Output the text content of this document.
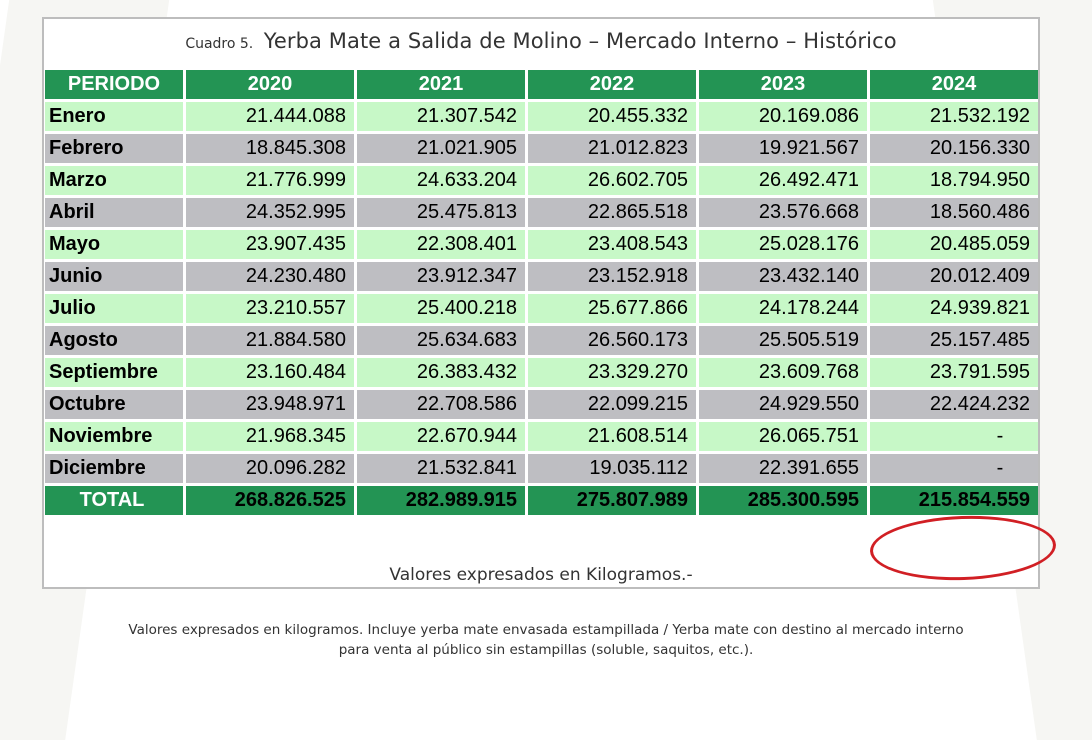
Cuadro 5. Yerba Mate a Salida de Molino – Mercado Interno – Histórico
Valores expresados en Kilogramos.-
PERIODO	2020	2021	2022	2023	2024
Enero	21.444.088	21.307.542	20.455.332	20.169.086	21.532.192
Febrero	18.845.308	21.021.905	21.012.823	19.921.567	20.156.330
Marzo	21.776.999	24.633.204	26.602.705	26.492.471	18.794.950
Abril	24.352.995	25.475.813	22.865.518	23.576.668	18.560.486
Mayo	23.907.435	22.308.401	23.408.543	25.028.176	20.485.059
Junio	24.230.480	23.912.347	23.152.918	23.432.140	20.012.409
Julio	23.210.557	25.400.218	25.677.866	24.178.244	24.939.821
Agosto	21.884.580	25.634.683	26.560.173	25.505.519	25.157.485
Septiembre	23.160.484	26.383.432	23.329.270	23.609.768	23.791.595
Octubre	23.948.971	22.708.586	22.099.215	24.929.550	22.424.232
Noviembre	21.968.345	22.670.944	21.608.514	26.065.751	-
Diciembre	20.096.282	21.532.841	19.035.112	22.391.655	-
TOTAL	268.826.525	282.989.915	275.807.989	285.300.595	215.854.559
Valores expresados en kilogramos. Incluye yerba mate envasada estampillada / Yerba mate con destino al mercado interno
para venta al público sin estampillas (soluble, saquitos, etc.).
